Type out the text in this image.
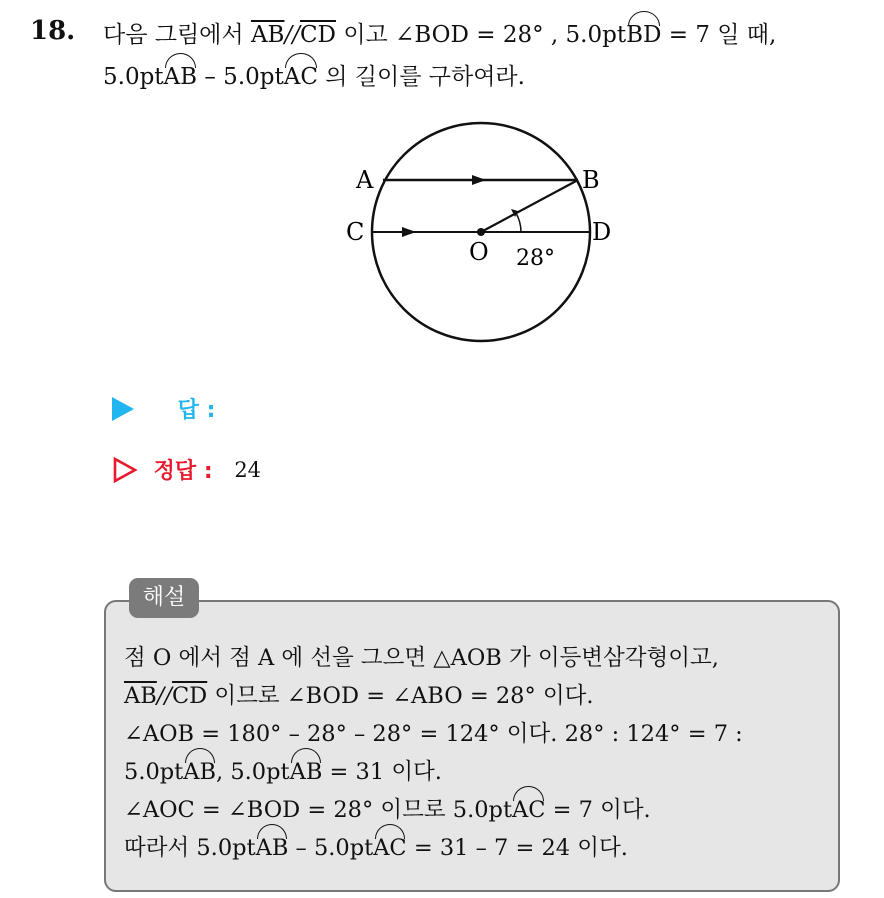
18. 다음 그림에서 $\overline{AB}//\overline{CD}$ 이고 ∠BOD = 28° , 5.0ptBD = 7 일 때,
5.0ptAB – 5.0ptAC 의 길이를 구하여라.
A	B
C	D
O 28°
답 :
정답 : 24
해설
점 O 에서 점 A 에 선을 그으면 △AOB 가 이등변삼각형이고,
$\overline{AB}//\overline{CD}$ 이므로 ∠BOD = ∠ABO = 28° 이다.
∠AOB = 180° – 28° – 28° = 124° 이다. 28° : 124° = 7 :
5.0ptAB, 5.0ptAB = 31 이다.
∠AOC = ∠BOD = 28° 이므로 5.0ptAC = 7 이다.
따라서 5.0ptAB – 5.0ptAC = 31 – 7 = 24 이다.
